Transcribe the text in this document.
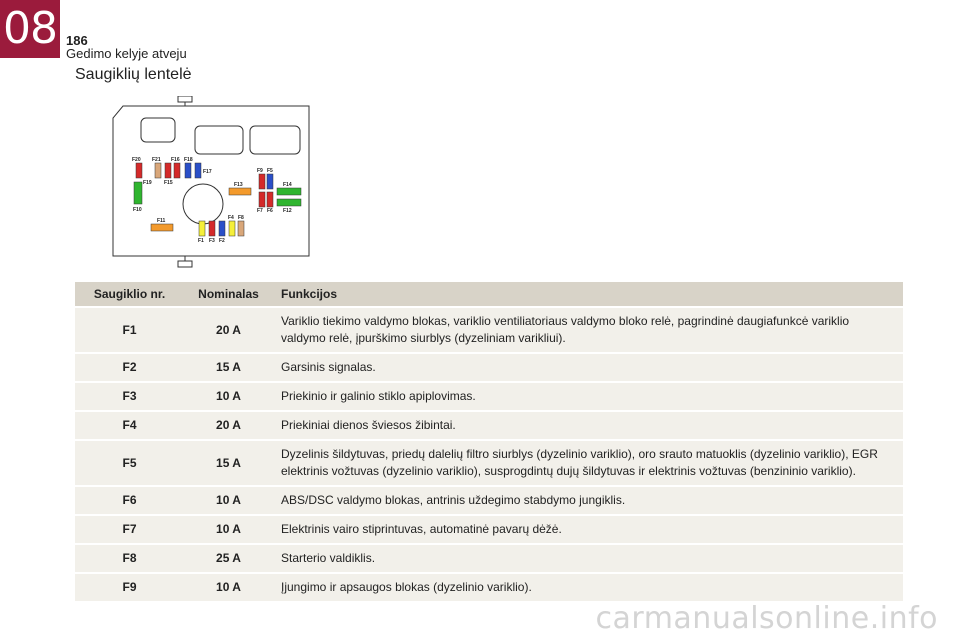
08 186
Gedimo kelyje atveju
Saugiklių lentelė
F20 F21 F16 F18
F17
F19 F15	F13
F9 F5
F14
F7 F6 F12
F10
F11	F4 F8
F1 F3 F2
Saugiklio nr.	Nominalas	Funkcijos
F1	20 A	Variklio tiekimo valdymo blokas, variklio ventiliatoriaus valdymo bloko relė, pagrindinė daugiafunkcė variklio valdymo relė, įpurškimo siurblys (dyzeliniam varikliui).
F2	15 A	Garsinis signalas.
F3	10 A	Priekinio ir galinio stiklo apiplovimas.
F4	20 A	Priekiniai dienos šviesos žibintai.
F5	15 A	Dyzelinis šildytuvas, priedų dalelių filtro siurblys (dyzelinio variklio), oro srauto matuoklis (dyzelinio variklio), EGR elektrinis vožtuvas (dyzelinio variklio), susprogdintų dujų šildytuvas ir elektrinis vožtuvas (benzininio variklio).
F6	10 A	ABS/DSC valdymo blokas, antrinis uždegimo stabdymo jungiklis.
F7	10 A	Elektrinis vairo stiprintuvas, automatinė pavarų dėžė.
F8	25 A	Starterio valdiklis.
F9	10 A	Įjungimo ir apsaugos blokas (dyzelinio variklio).
carmanualsonline.info
